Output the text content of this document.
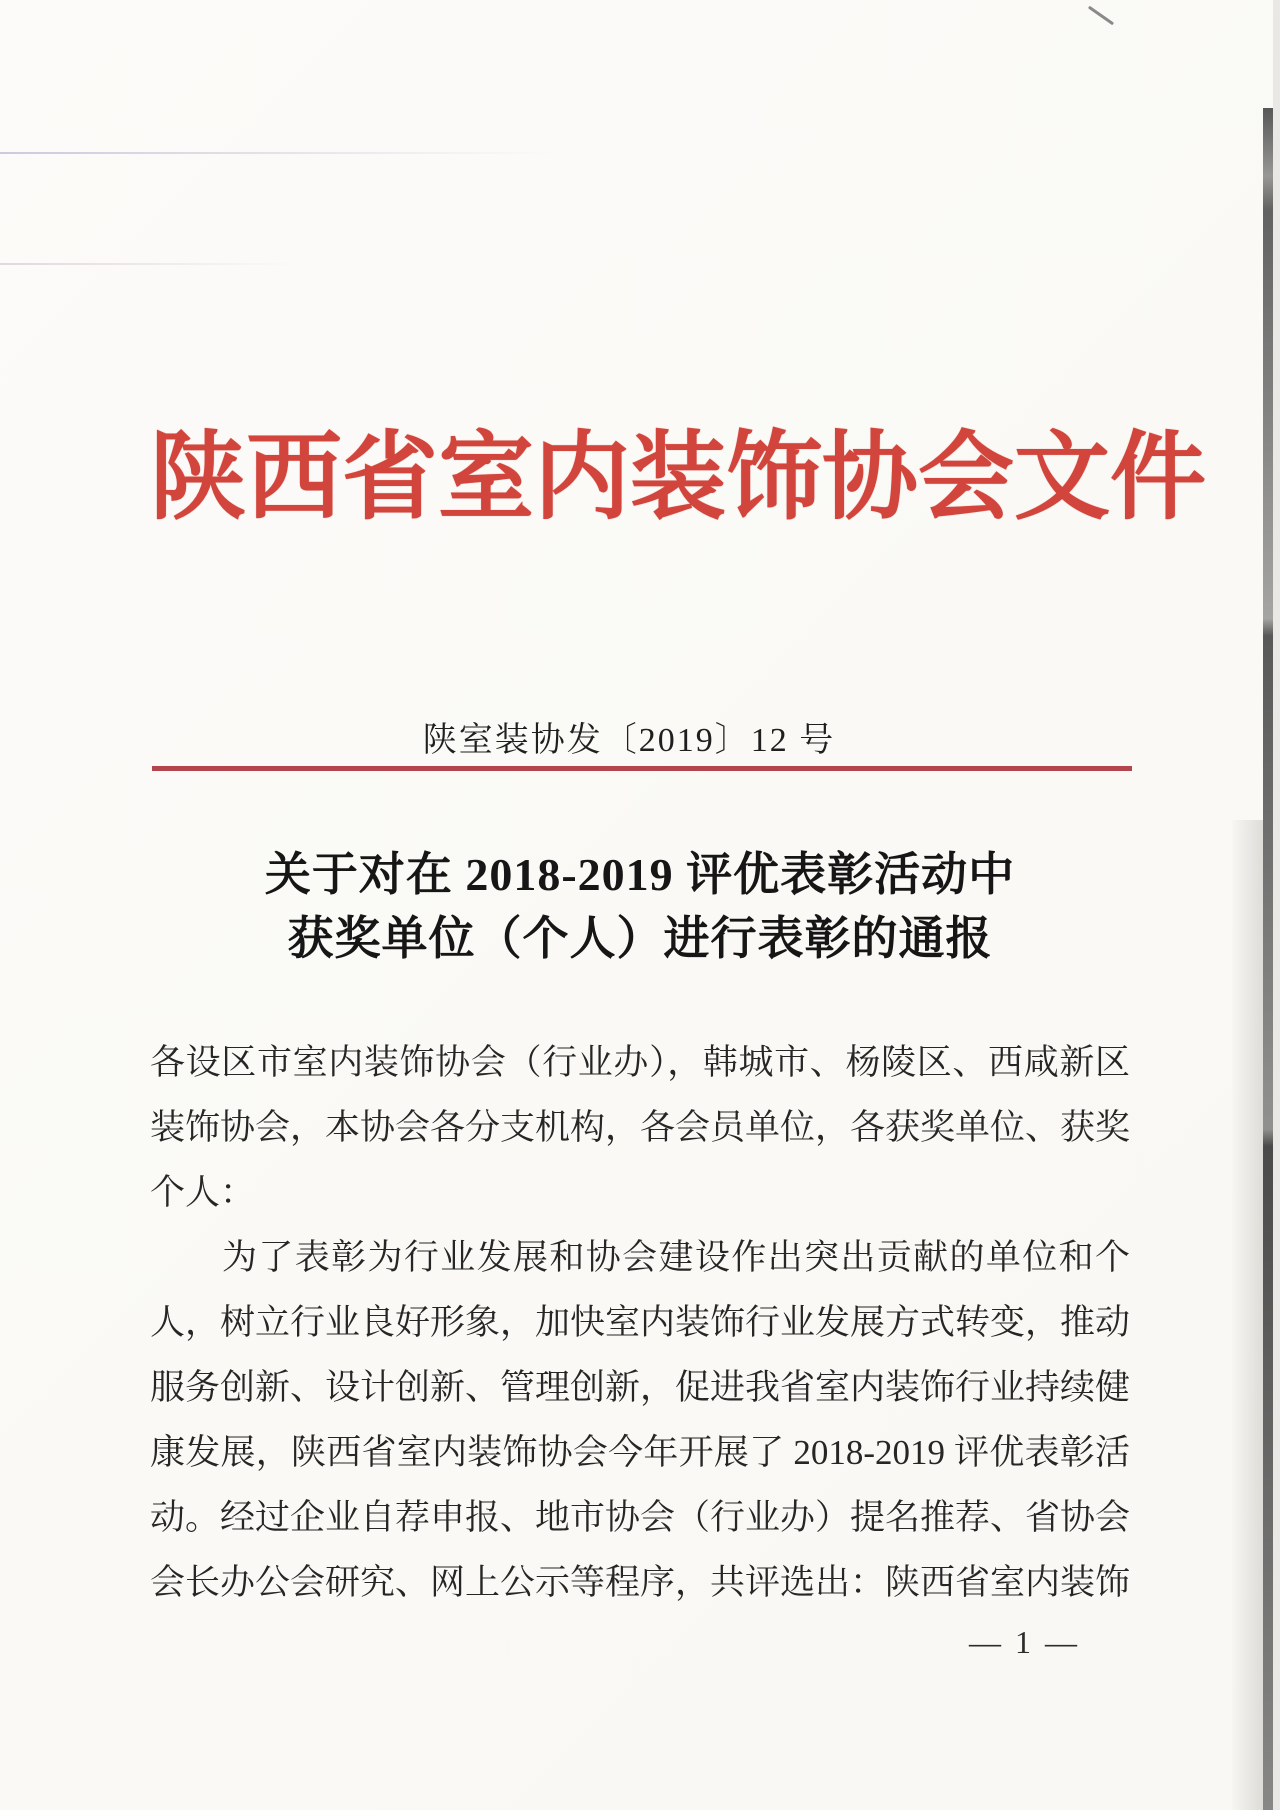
陕西省室内装饰协会文件
陕室装协发〔2019〕12 号
关于对在 2018-2019 评优表彰活动中
获奖单位（个人）进行表彰的通报
各设区市室内装饰协会（行业办），韩城市、杨陵区、西咸新区
装饰协会，本协会各分支机构，各会员单位，各获奖单位、获奖
个人：
为了表彰为行业发展和协会建设作出突出贡献的单位和个
人，树立行业良好形象，加快室内装饰行业发展方式转变，推动
服务创新、设计创新、管理创新，促进我省室内装饰行业持续健
康发展，陕西省室内装饰协会今年开展了 2018-2019 评优表彰活
动。经过企业自荐申报、地市协会（行业办）提名推荐、省协会
会长办公会研究、网上公示等程序，共评选出：陕西省室内装饰
— 1 —
